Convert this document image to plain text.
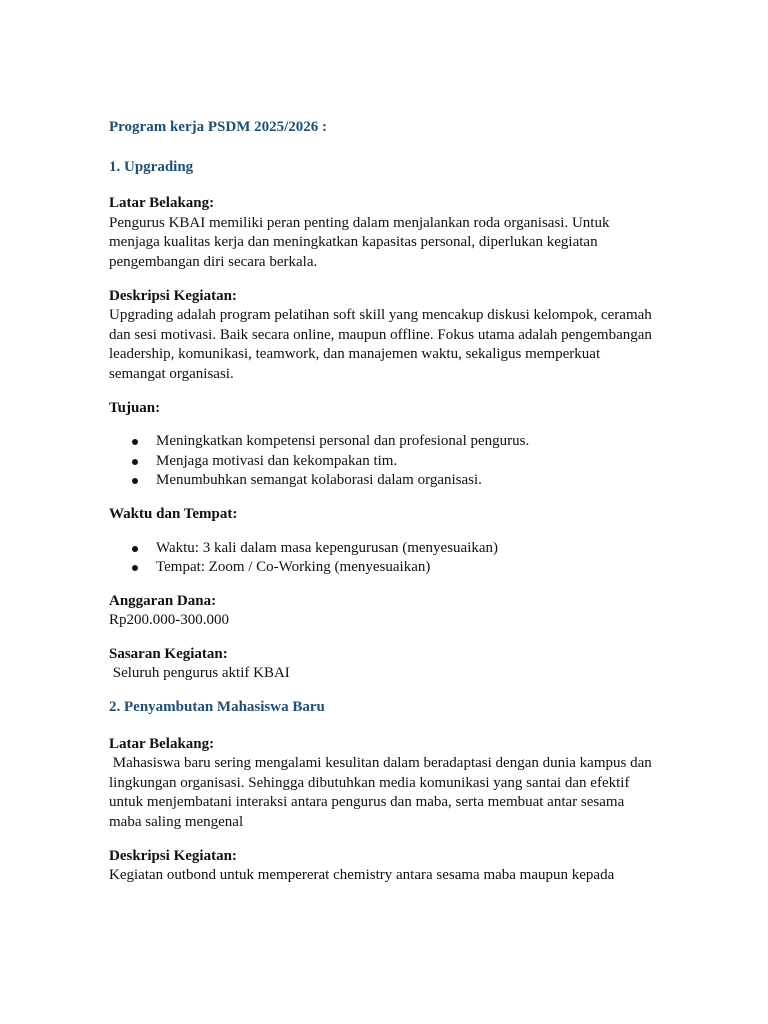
Program kerja PSDM 2025/2026 :
1. Upgrading
Latar Belakang:
Pengurus KBAI memiliki peran penting dalam menjalankan roda organisasi. Untuk menjaga kualitas kerja dan meningkatkan kapasitas personal, diperlukan kegiatan pengembangan diri secara berkala.
Deskripsi Kegiatan:
Upgrading adalah program pelatihan soft skill yang mencakup diskusi kelompok, ceramah dan sesi motivasi. Baik secara online, maupun offline. Fokus utama adalah pengembangan leadership, komunikasi, teamwork, dan manajemen waktu, sekaligus memperkuat semangat organisasi.
Tujuan:
Meningkatkan kompetensi personal dan profesional pengurus.
Menjaga motivasi dan kekompakan tim.
Menumbuhkan semangat kolaborasi dalam organisasi.
Waktu dan Tempat:
Waktu: 3 kali dalam masa kepengurusan (menyesuaikan)
Tempat: Zoom / Co-Working (menyesuaikan)
Anggaran Dana:
Rp200.000-300.000
Sasaran Kegiatan:
Seluruh pengurus aktif KBAI
2. Penyambutan Mahasiswa Baru
Latar Belakang:
Mahasiswa baru sering mengalami kesulitan dalam beradaptasi dengan dunia kampus dan lingkungan organisasi. Sehingga dibutuhkan media komunikasi yang santai dan efektif untuk menjembatani interaksi antara pengurus dan maba, serta membuat antar sesama maba saling mengenal
Deskripsi Kegiatan:
Kegiatan outbond untuk mempererat chemistry antara sesama maba maupun kepada
